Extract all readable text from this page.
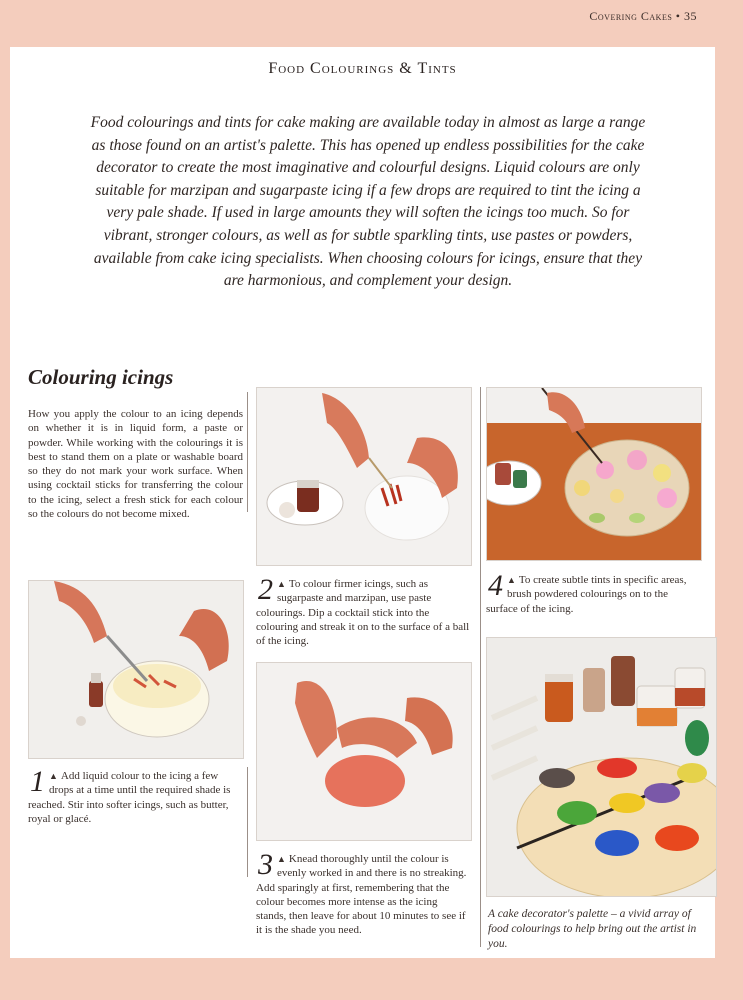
Covering Cakes • 35
Food Colourings & Tints
Food colourings and tints for cake making are available today in almost as large a range as those found on an artist's palette. This has opened up endless possibilities for the cake decorator to create the most imaginative and colourful designs. Liquid colours are only suitable for marzipan and sugarpaste icing if a few drops are required to tint the icing a very pale shade. If used in large amounts they will soften the icings too much. So for vibrant, stronger colours, as well as for subtle sparkling tints, use pastes or powders, available from cake icing specialists. When choosing colours for icings, ensure that they are harmonious, and complement your design.
Colouring icings
How you apply the colour to an icing depends on whether it is in liquid form, a paste or powder. While working with the colourings it is best to stand them on a plate or washable board so they do not mark your work surface. When using cocktail sticks for transferring the colour to the icing, select a fresh stick for each colour so the colours do not become mixed.
1 ▲ Add liquid colour to the icing a few drops at a time until the required shade is reached. Stir into softer icings, such as butter, royal or glacé.
2 ▲ To colour firmer icings, such as sugarpaste and marzipan, use paste colourings. Dip a cocktail stick into the colouring and streak it on to the surface of a ball of the icing.
3 ▲ Knead thoroughly until the colour is evenly worked in and there is no streaking. Add sparingly at first, remembering that the colour becomes more intense as the icing stands, then leave for about 10 minutes to see if it is the shade you need.
4 ▲ To create subtle tints in specific areas, brush powdered colourings on to the surface of the icing.
A cake decorator's palette – a vivid array of food colourings to help bring out the artist in you.
